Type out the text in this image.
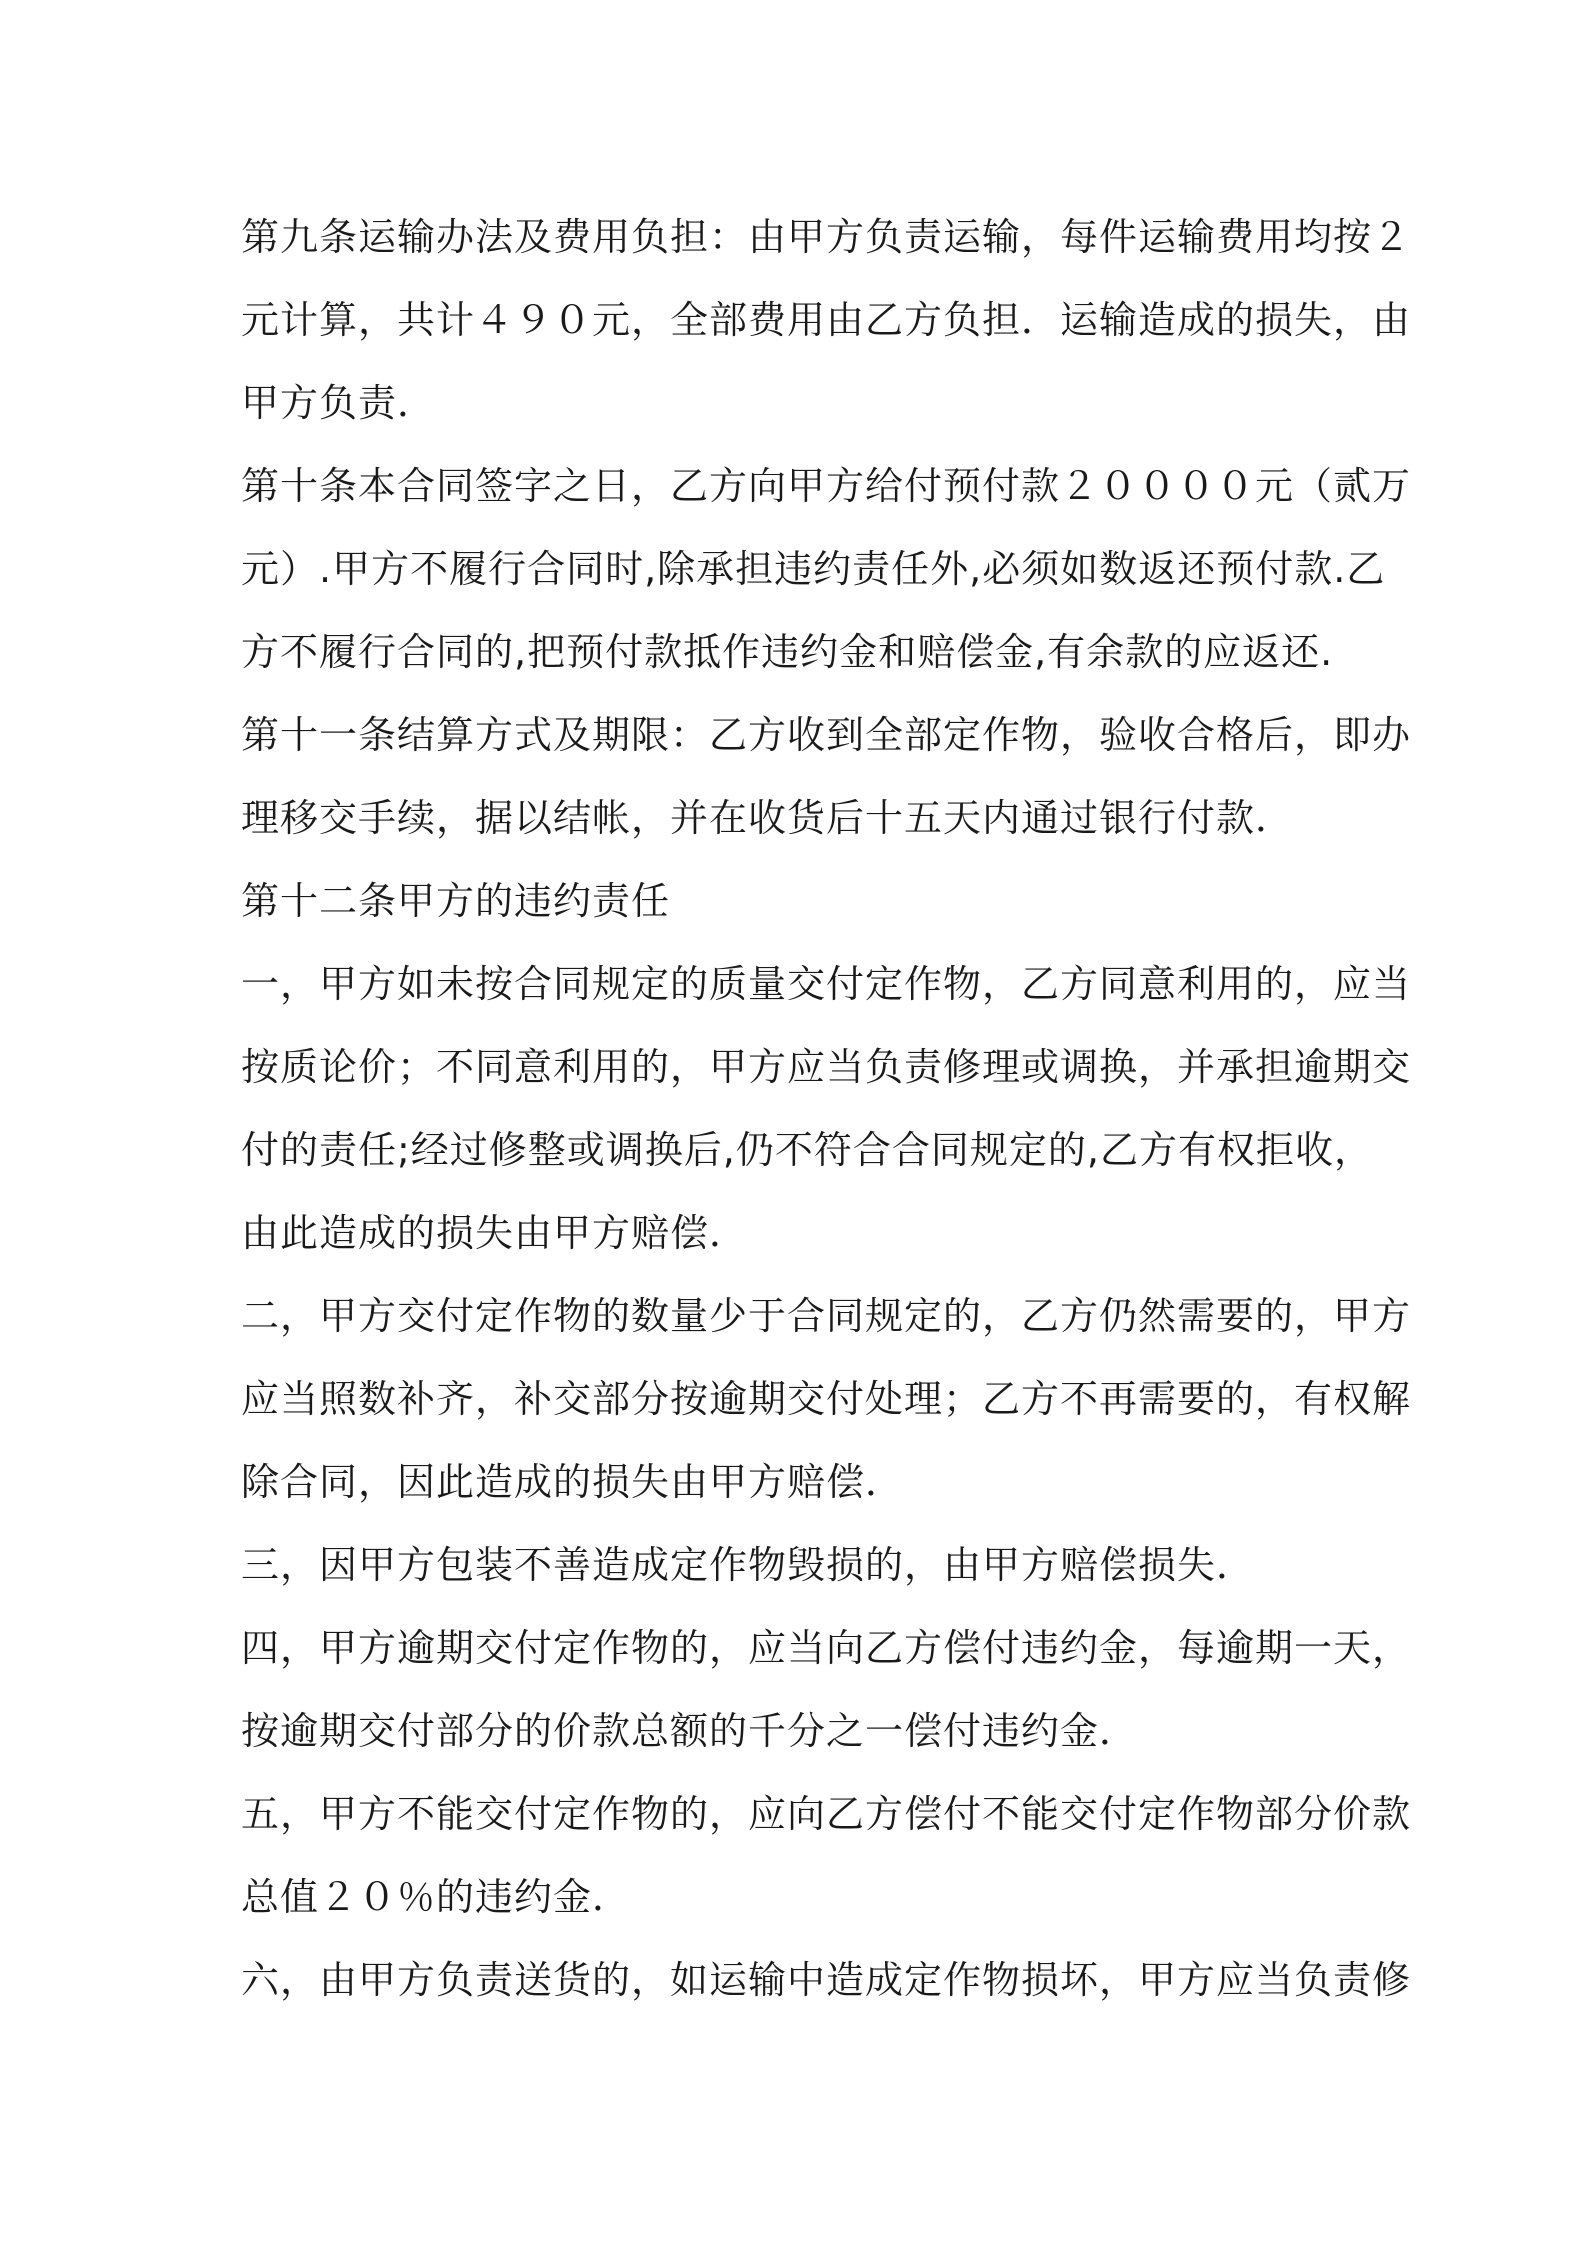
第九条运输办法及费用负担：由甲方负责运输，每件运输费用均按２
元计算，共计４９０元，全部费用由乙方负担．运输造成的损失，由
甲方负责．
第十条本合同签字之日，乙方向甲方给付预付款２００００元（贰万
元）.甲方不履行合同时,除承担违约责任外,必须如数返还预付款.乙
方不履行合同的,把预付款抵作违约金和赔偿金,有余款的应返还.
第十一条结算方式及期限：乙方收到全部定作物，验收合格后，即办
理移交手续，据以结帐，并在收货后十五天内通过银行付款．
第十二条甲方的违约责任
一，甲方如未按合同规定的质量交付定作物，乙方同意利用的，应当
按质论价；不同意利用的，甲方应当负责修理或调换，并承担逾期交
付的责任;经过修整或调换后,仍不符合合同规定的,乙方有权拒收，
由此造成的损失由甲方赔偿．
二，甲方交付定作物的数量少于合同规定的，乙方仍然需要的，甲方
应当照数补齐，补交部分按逾期交付处理；乙方不再需要的，有权解
除合同，因此造成的损失由甲方赔偿．
三，因甲方包装不善造成定作物毁损的，由甲方赔偿损失．
四，甲方逾期交付定作物的，应当向乙方偿付违约金，每逾期一天，
按逾期交付部分的价款总额的千分之一偿付违约金．
五，甲方不能交付定作物的，应向乙方偿付不能交付定作物部分价款
总值２０％的违约金．
六，由甲方负责送货的，如运输中造成定作物损坏，甲方应当负责修
